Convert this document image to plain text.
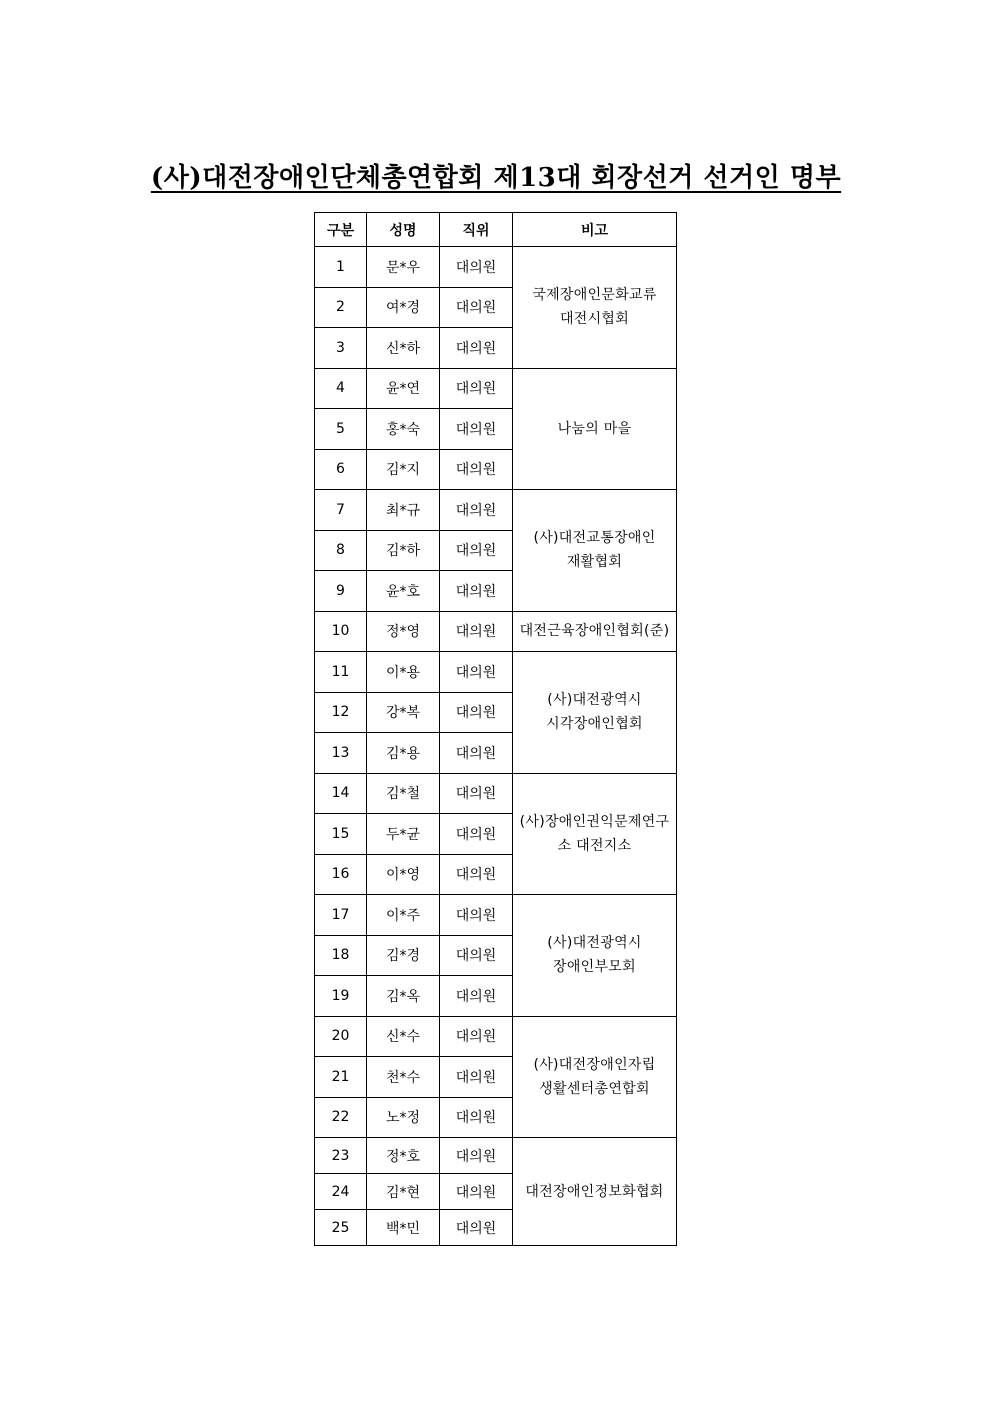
(사)대전장애인단체총연합회 제13대 회장선거 선거인 명부
구분	성명	직위	비고
1	문*우	대의원	국제장애인문화교류
대전시협회
2	여*경	대의원	
3	신*하	대의원	
4	윤*연	대의원	나눔의 마을
5	홍*숙	대의원	
6	김*지	대의원	
7	최*규	대의원	(사)대전교통장애인
재활협회
8	김*하	대의원	
9	윤*호	대의원	
10	정*영	대의원	대전근육장애인협회(준)
11	이*용	대의원	(사)대전광역시
시각장애인협회
12	강*복	대의원	
13	김*용	대의원	
14	김*철	대의원	(사)장애인권익문제연구
소 대전지소
15	두*균	대의원	
16	이*영	대의원	
17	이*주	대의원	(사)대전광역시
장애인부모회
18	김*경	대의원	
19	김*옥	대의원	
20	신*수	대의원	(사)대전장애인자립
생활센터총연합회
21	천*수	대의원	
22	노*정	대의원	
23	정*호	대의원	대전장애인정보화협회
24	김*현	대의원	
25	백*민	대의원	
